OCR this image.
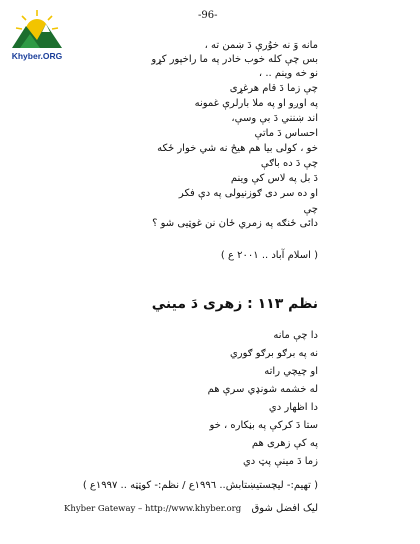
Khyber.ORG
-96-
مانه وَ نه خوُرې دَ ښمن ته ،
بس چې کله خوب خادر په ما راخپور کړو
نو خه وینم .. ،
چې زما دَ قام هرغړی
په اوږو او په ملا بارلرې غمونه
اند ښنني دَ بې وسې،
احساس دَ ماتې
خو ، کولی بیا هم هیڅ نه شي خوار ځکه
چې دَ ده باګې
دَ بل په لاس کې وینم
او ده سر دی ګوزنیولی په دې فکر
چې
دائی ځنګه په زمري ځان نن غوټیی شو ؟
( اسلام آباد .. ٢٠٠١ ع )
نظم ١١٣ : زهری دَ میني
دا چې مانه
نه په برګو برګو ګوري
او چیچي راته
له خشمه شونډي سرې هم
دا اظهار دي
ستا دَ کرکې په بڼکاره ، خو
په کې زهری هم
زما دَ مینې پټ دي
( تهیم:- لیچستیښتابش.. ١٩٩٦ع / نظم:- کوټټه .. ١٩٩٧ع )
Khyber Gateway – http://www.khyber.org لیک افضل شوق
